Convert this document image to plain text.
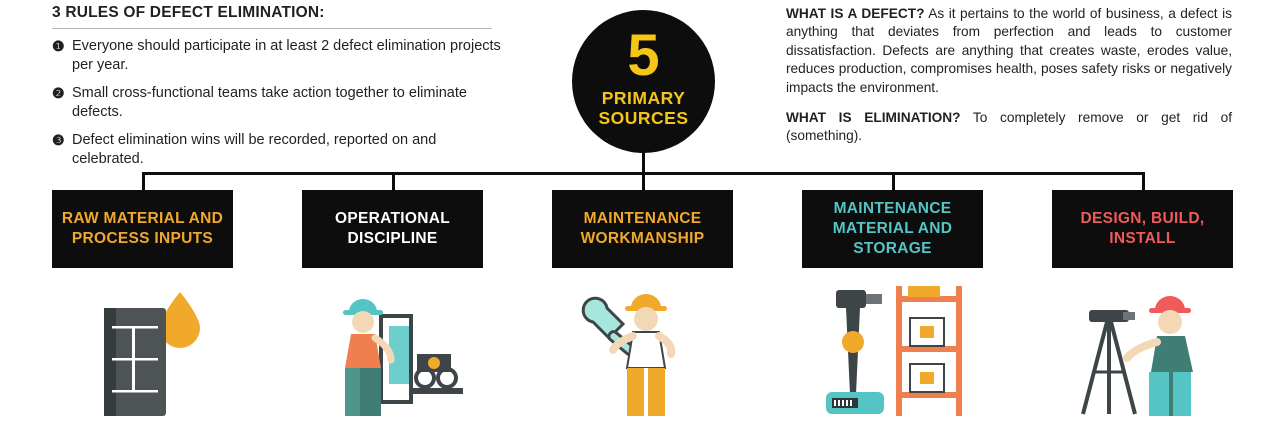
3 RULES OF DEFECT ELIMINATION:
❶ Everyone should participate in at least 2 defect elimination projects per year.
❷ Small cross-functional teams take action together to eliminate defects.
❸ Defect elimination wins will be recorded, reported on and celebrated.
5
PRIMARY
SOURCES
WHAT IS A DEFECT? As it pertains to the world of business, a defect is anything that deviates from perfection and leads to customer dissatisfaction. Defects are anything that creates waste, erodes value, reduces production, compromises health, poses safety risks or negatively impacts the environment.
WHAT IS ELIMINATION? To completely remove or get rid of (something).
RAW MATERIAL AND PROCESS INPUTS
OPERATIONAL DISCIPLINE
MAINTENANCE WORKMANSHIP
MAINTENANCE MATERIAL AND STORAGE
DESIGN, BUILD, INSTALL
